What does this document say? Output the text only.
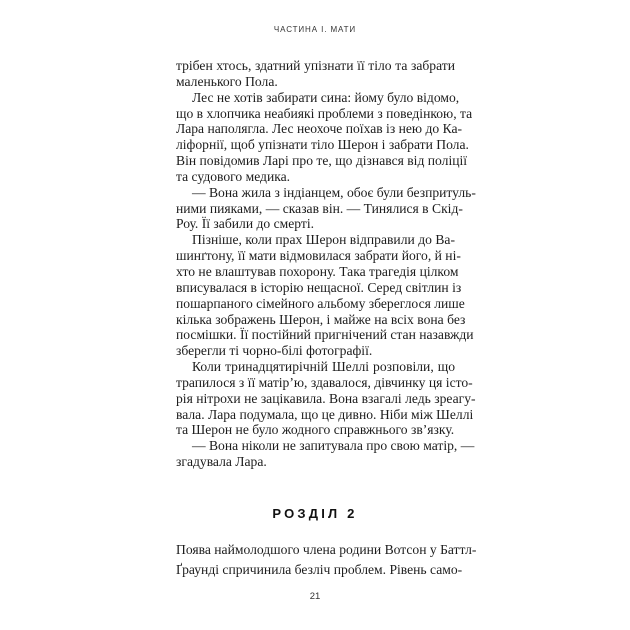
ЧАСТИНА І. МАТИ
трібен хтось, здатний упізнати її тіло та забрати
маленького Пола.
Лес не хотів забирати сина: йому було відомо,
що в хлопчика неабиякі проблеми з поведінкою, та
Лара наполягла. Лес неохоче поїхав із нею до Ка-
ліфорнії, щоб упізнати тіло Шерон і забрати Пола.
Він повідомив Ларі про те, що дізнався від поліції
та судового медика.
— Вона жила з індіанцем, обоє були безпритуль-
ними пияками, — сказав він. — Тинялися в Скід-
Роу. Її забили до смерті.
Пізніше, коли прах Шерон відправили до Ва-
шинґтону, її мати відмовилася забрати його, й ні-
хто не влаштував похорону. Така трагедія цілком
вписувалася в історію нещасної. Серед світлин із
пошарпаного сімейного альбому збереглося лише
кілька зображень Шерон, і майже на всіх вона без
посмішки. Її постійний пригнічений стан назавжди
зберегли ті чорно-білі фотографії.
Коли тринадцятирічній Шеллі розповіли, що
трапилося з її матір’ю, здавалося, дівчинку ця істо-
рія нітрохи не зацікавила. Вона взагалі ледь зреагу-
вала. Лара подумала, що це дивно. Ніби між Шеллі
та Шерон не було жодного справжнього зв’язку.
— Вона ніколи не запитувала про свою матір, —
згадувала Лара.
РОЗДІЛ 2
Поява наймолодшого члена родини Вотсон у Баттл-
Ґраунді спричинила безліч проблем. Рівень само-
21
